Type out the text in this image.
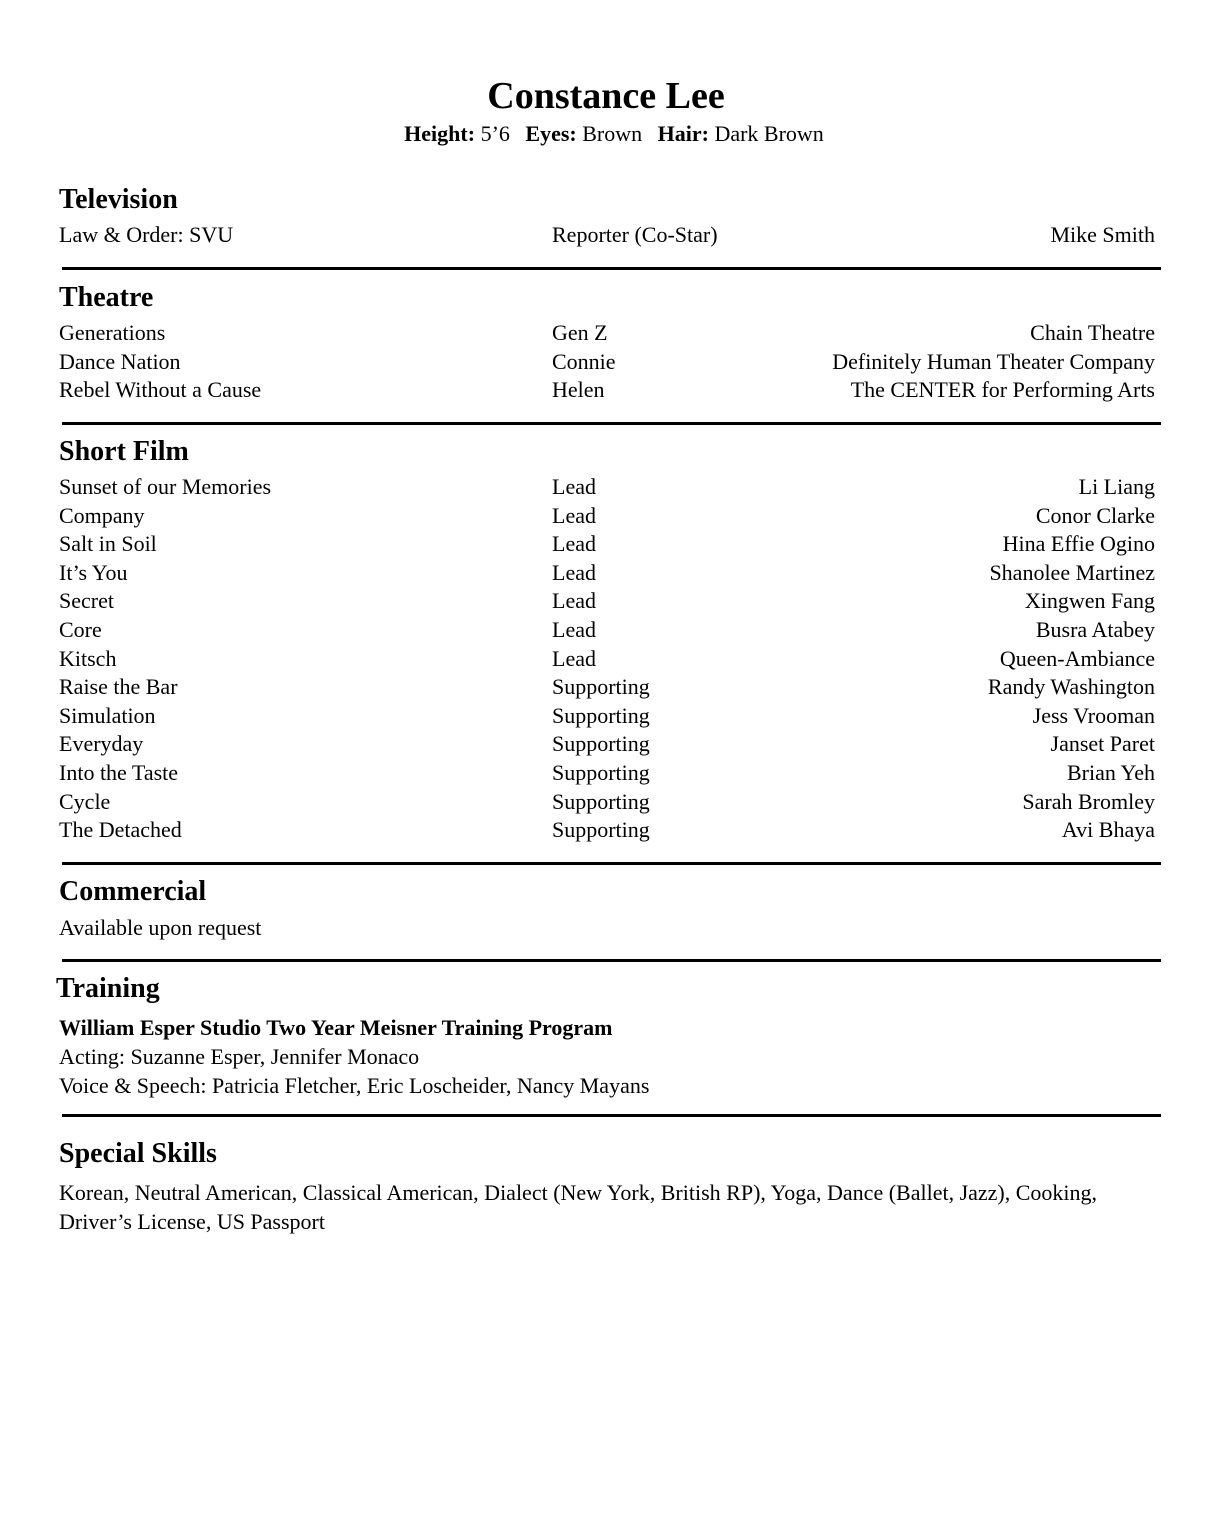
Constance Lee
Height: 5’6 Eyes: Brown Hair: Dark Brown
Television
Law & Order: SVU	Reporter (Co-Star)	Mike Smith
Theatre
Generations	Gen Z	Chain Theatre
Dance Nation	Connie	Definitely Human Theater Company
Rebel Without a Cause	Helen	The CENTER for Performing Arts
Short Film
Sunset of our Memories	Lead	Li Liang
Company	Lead	Conor Clarke
Salt in Soil	Lead	Hina Effie Ogino
It’s You	Lead	Shanolee Martinez
Secret	Lead	Xingwen Fang
Core	Lead	Busra Atabey
Kitsch	Lead	Queen-Ambiance
Raise the Bar	Supporting	Randy Washington
Simulation	Supporting	Jess Vrooman
Everyday	Supporting	Janset Paret
Into the Taste	Supporting	Brian Yeh
Cycle	Supporting	Sarah Bromley
The Detached	Supporting	Avi Bhaya
Commercial
Available upon request
Training
William Esper Studio Two Year Meisner Training Program
Acting: Suzanne Esper, Jennifer Monaco
Voice & Speech: Patricia Fletcher, Eric Loscheider, Nancy Mayans
Special Skills
Korean, Neutral American, Classical American, Dialect (New York, British RP), Yoga, Dance (Ballet, Jazz), Cooking, Driver’s License, US Passport
